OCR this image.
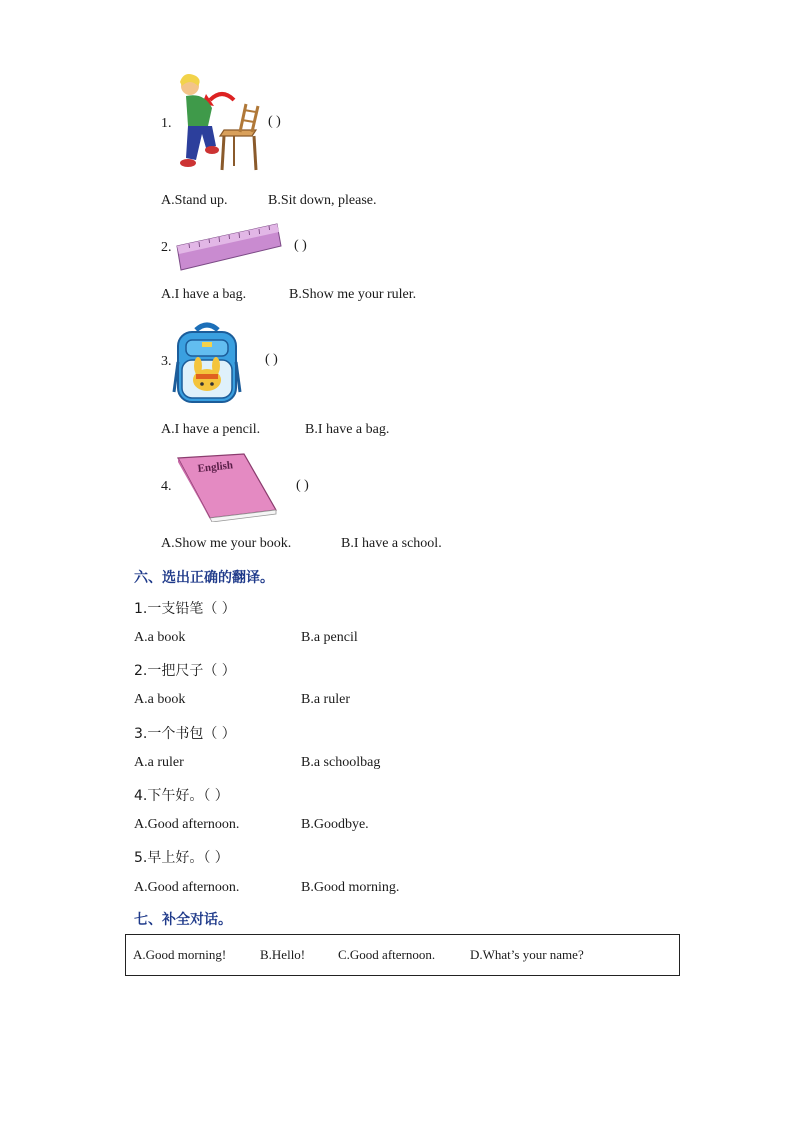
1.	( )
A.Stand up.	B.Sit down, please.
2.	( )
A.I have a bag.	B.Show me your ruler.
3.	( )
A.I have a pencil.	B.I have a bag.
4.
English
( )
A.Show me your book.	B.I have a school.
六、选出正确的翻译。
1.一支铅笔（ ）
A.a book	B.a pencil
2.一把尺子（ ）
A.a book	B.a ruler
3.一个书包（ ）
A.a ruler	B.a schoolbag
4.下午好。（ ）
A.Good afternoon.	B.Goodbye.
5.早上好。（ ）
A.Good afternoon.	B.Good morning.
七、补全对话。
A.Good morning!	B.Hello!	C.Good afternoon.	D.What’s your name?
